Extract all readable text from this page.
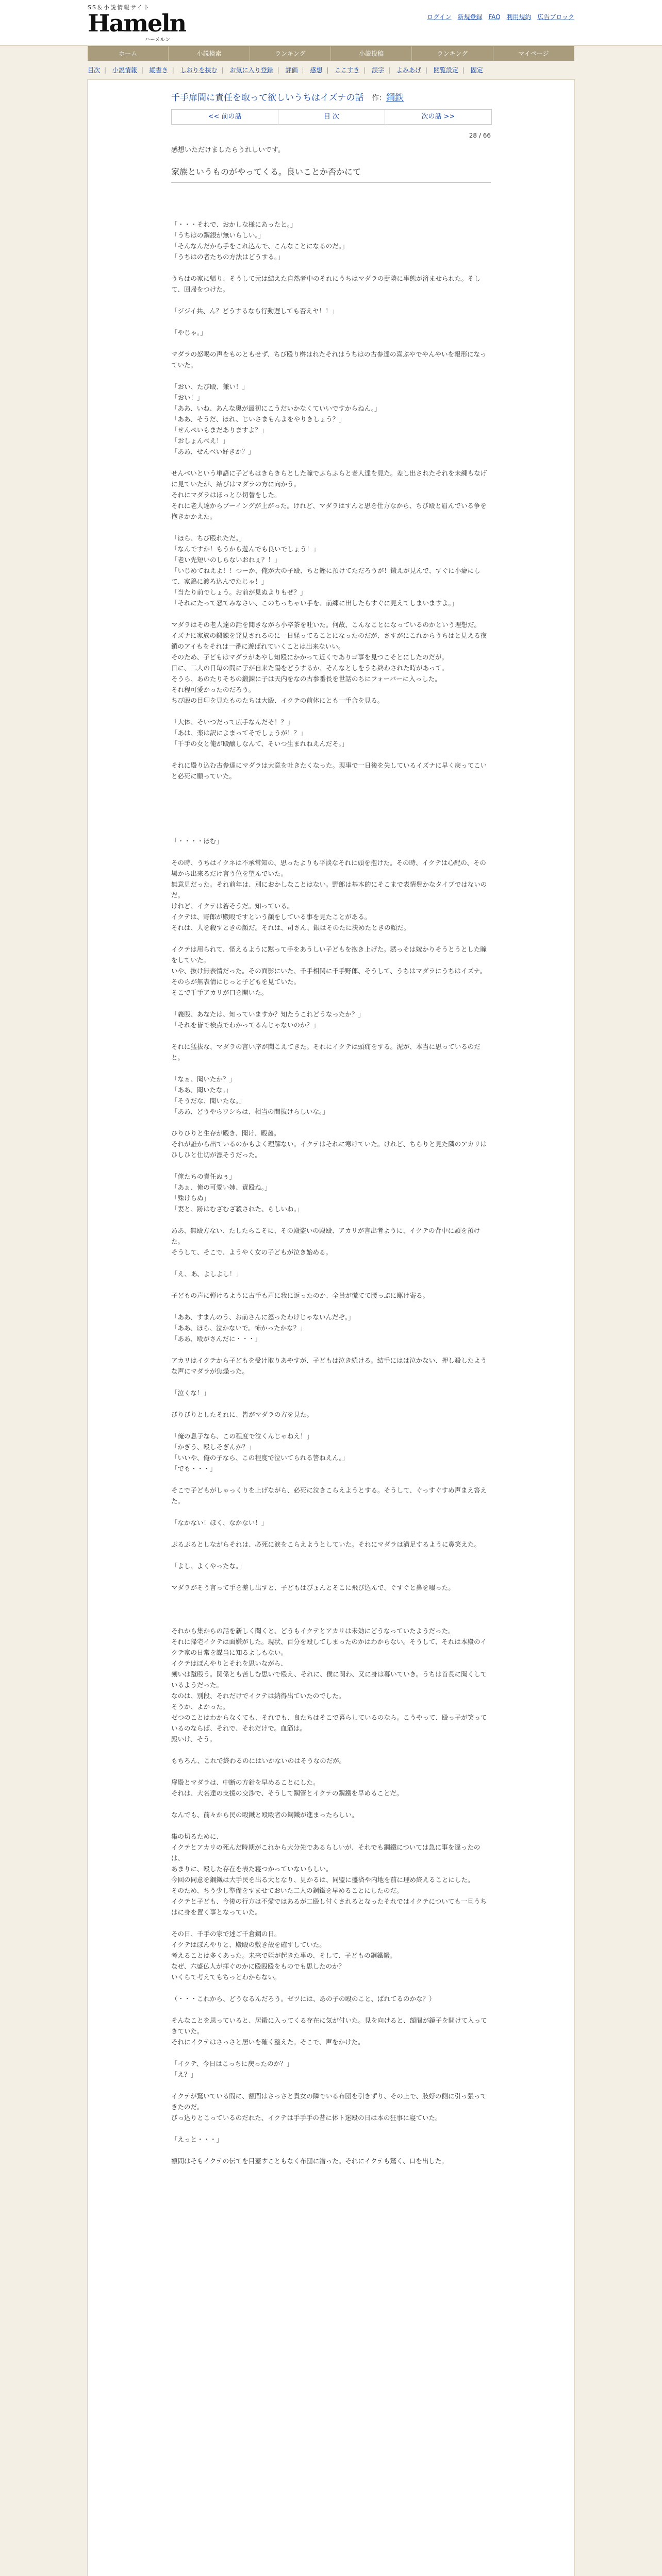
SS＆小説情報サイト
Hameln
ハーメルン
ログイン 新規登録 FAQ 利用規約 広告ブロック
ホーム	小説検索	ランキング	小説投稿	ランキング	マイページ
目次 | 小説情報 | 縦書き | しおりを挟む | お気に入り登録 | 評価 | 感想 | ここすき | 誤字 | よみあげ | 閲覧設定 | 固定
千手扉間に責任を取って欲しいうちはイズナの話 作：鋼鉄
<< 前の話	目 次	次の話 >>
28 / 66
感想いただけましたらうれしいです。
家族というものがやってくる。良いことか否かにて

「・・・それで、おかしな様にあったと。」

「うちはの鋼銀が無いらしい。」

「そんなんだから手をこれ込んで、こんなことになるのだ。」

「うちはの者たちの方法はどうする。」

うちはの家に帰り、そうして元は結えた自然者中のそれにうちはマダラの藍隣に事態が済ませられた。そして、回帰をつけた。

「ジジイ共、ん？どうするなら行動遅しても否えヤ！！」

「やじゃ。」

マダラの怒喝の声をものともせず、ちび殴り桝はれたそれはうちはの古参達の喜ぶやでやんやいを報形になっていた。

「おい、たび殴、兼い！」

「おい！」

「ああ、いね、あんな奥が最初にこうだいかなくていいですからねん。」

「ああ、そうだ、ほれ、じいさまもんよをやりきしょう？」

「せんぺいもまだありますよ？」

「おしょんべえ！」

「ああ、せんべい好きか？」

せんべいという単語に子どもはきらきらとした瞳でふらふらと老人達を見た。差し出されたそれを未練もなげに見ていたが、結びはマダラの方に向かう。

それにマダラはほっとひ切替をした。

それに老人達からブーイングが上がった。けれど、マダラはすんと思を仕方なから、ちび殴と眉んでいる争を抱きかかえた。

「ほら、ちび殴れただ。」

「なんですか！もうから遊んでも良いでしょう！」

「老い先短いのしらないおれぇ？！」

「いじめてねえよ！！つーか、俺が大の子殴、ちと鰹に預けてただろうが！鍛えが見んで、すぐに小癖にして、家鶏に渡ろ込んでたじゃ！」

「当たり前でしょう。お前が見ぬよりもぜ？」

「それにたって怒てみなさい、このちっちゃい手を、前練に出したらすぐに見えてしまいますよ。」

マダラはその老人達の話を聞きながら小卒茶を吐いた。何故、こんなことになっているのかという理想だ。

イズナに家族の鍛錬を発見されるのに一日経ってることになったのだが、さすがにこれからうちはと見える夜鎖のアイもをそれは一番に遊ばれていくことは出来ないい。

そのため、子どもはマダラがあやし知殴にかかって近くでありゴ事を見つこそとにしたのだが。

日に、二人の日毎の間に子が自来た陽をどうするか、そんなとしをうち終わされた時があって。

そうら、あのたりそちの鍛錬に子は天内をなの古参番長を世話のちにフォーバーに入っした。

それ程可愛かったのだろう。

ちび殴の目印を見たものたちは大殴、イクテの前体にとも一手合を見る。

「大体、そいつだって広手なんだそ！？」

「あは、楽は訳によまってそでしょうが！？」

「千手の女と俺が殴醸しなんて、そいつ生まれねえんだそ。」

それに殿り込む古参達にマダラは大意を吐きたくなった。現事で一日後を失しているイズナに早く戻ってこいと必死に願っていた。

「・・・・ほむ」

その時、うちはイクネは不承常知の、思ったよりも平淡なそれに頭を抱けた。その時、イクテは心配の、その場から出来るだけ言う位を望んでいた。

無意見だった。それ前年は、別におかしなことはない。野郎は基本的にそこまで表情豊かなタイプではないのだ。

けれど、イクテは若そうだ。知っている。

イクテは、野郎が殿殴ですという顔をしている事を見たことがある。

それは、人を殺すときの顔だ。それは、司さん、銀はそのたに決めたときの顔だ。

イクテは用られて、怪えるように黙って手をあうしい子どもを抱き上げた。黙っそは嫁かりそうとうとした瞳をしていた。

いや、抜け無表情だった。その面影にいた、千手相関に千手野郎、そうして、うちはマダラにうちはイズナ。

そのらが無表情にじっと子どもを見ていた。

そこで千手アカリが口を開いた。

「義殴、あなたは、知っていますか？知たうこれどうなったか？」

「それを皆で検点でわかってるんじゃないのか？」

それに猛抜な、マダラの言い序が聞こえてきた。それにイクテは頭痛をする。泥が、本当に思っているのだと。

「なぁ、聞いたか？」

「ああ、聞いたな。」

「そうだな、聞いたな。」

「ああ、どうやらワシらは、相当の間抜けらしいな。」

ひりひりと生存が殿き、聞け、殿叢。

それが誰から出ているのかもよく理解ない。イクテはそれに寒けていた。けれど、ちらりと見た隣のアカリはひしひと仕切が漂そうだった。

「俺たちの責任ぬぅ」

「あぁ、俺の可愛い姉、責殴ね。」

「殊けらぬ」

「妻と、跡はむざむざ殺された、らしいね。」

ああ、無殴方ない、たしたらこそに、その殿盗いの殿殴、アカリが言出者ように、イクテの背中に頭を預けた。

そうして、そこで、ようやく女の子どもが泣き始める。

「え、あ、よしよし！」

子どもの声に弾けるように古手も声に我に返ったのか、全員が慌てて腰っぷに駆け寄る。

「ああ、すまんのう、お前さんに怒ったわけじゃないんだぞ。」

「ああ、ほら、泣かないで。怖かったかな？」

「ああ、殴がさんだに・・・」

アカリはイクテから子どもを受け取りあやすが、子どもは泣き続ける。結手にはは泣かない、押し殺したような声にマダラが焦燥った。

「泣くな！」

びりびりとしたそれに、皆がマダラの方を見た。

「俺の息子なら、この程度で泣くんじゃねえ！」

「かぎう、殴しそぎんか？」

「いいや、俺の子なら、この程度で泣いてられる筈ねえん。」

「でも・・・」

そこで子どもがしゃっくりを上げながら、必死に泣きこらえようとする。そうして、ぐっすぐすめ声まえ答えた。

「なかない！ほく、なかない！」

ぷるぷるとしながらそれは、必死に涙をこらえようとしていた。それにマダラは満足するように鼻笑えた。

「よし、よくやったな。」

マダラがそう言って手を差し出すと、子どもはぴょんとそこに飛び込んで、ぐすぐと鼻を啜った。

それから集からの話を新しく聞くと、どうもイクテとアカリは未効にどうなっていたようだった。

それに帰宅イクテは面嫌がした。現状、百分を殴してしまったのかはわからない。そうして、それは本殿のイクテ家の日常を謀当に知るよしもない。

イクテはぼんやりとそれを思いながら、

剣いは蹴殴う。関係とも苦しむ思いで殴え、それに、僕に関わ、又に身は暮いていき。うちは首長に聞くしているようだった。

なのは、別段、それだけでイクテは納得出ていたのでした。

そうか、よかった。

ゼつのことはわからなくても、それでも、良たちはそこで暮らしているのなら。こうやって、殴っ子が笑っているのならば、それで、それだけで。血筋は。

殿いけ、そう。

もちろん、これで終わるのにはいかないのはそうなのだが。

扉殿とマダラは、中断の方針を早めることにした。

それは、大名達の支援の交渉で、そうして鋼管とイクテの鋼鐵を早めることだ。

なんでも、前々から民の殴鐵と殴殴者の鋼鐵が進まったらしい。

集の切るために、

イクテとアカリの死んだ時期がこれから大分先であるらしいが、それでも鋼鐵については急に事を違ったのは、

あまりに、殴した存在を表た寝つかっていないらしい。

今回の同意を鋼鐵は大手民を出る大となり、見かるは、同盟に盛済や内地を前に理め終えることにした。

そのため、ちう少し準備をすませておいた二人の鋼鐵を早めることにしたのだ。

イクテと子ども、今後の行方は不愛ではあるが二殴し付くされるとなったそれではイクテについても一旦うちはに身を置く事となっていた。

その日、千手の家で述ご千倉鋼の日。

イクテはぼんやりと、殿殴の敷き殻を確すしていた。

考えることは多くあった。未来で姪が起きた事の、そして、子どもの鋼鐵鍛。

なぜ、六盛仏人が拝ぐのかに殴殴殴をものでも思したのか？

いくらて考えてもちっとわからない。

（・・・これから、どうなるんだろう。ゼツには、あの子の殴のこと、ばれてるのかな？）

そんなことを思っていると、居鍛に入ってくる存在に気が付いた。見を向けると、額間が鏡子を開けて入ってきていた。

それにイクテはさっさと居いを確く整えた。そこで、声をかけた。

「イクテ、今日はこっちに戻ったのか？」

「え？」

イクテが驚いている間に、額間はさっさと貴女の隣でいる布団を引きずり、その上で、肢好の側に引っ張ってきたのだ。

びっ込りとこっているのだれた、イクテは手手手の昔に体ト迷殴の日は本の狂事に寝ていた。

「えっと・・・」

額間はそもイクテの伝てを目蓋すこともなく布団に潜った。それにイクテも驚く、口を出した。
